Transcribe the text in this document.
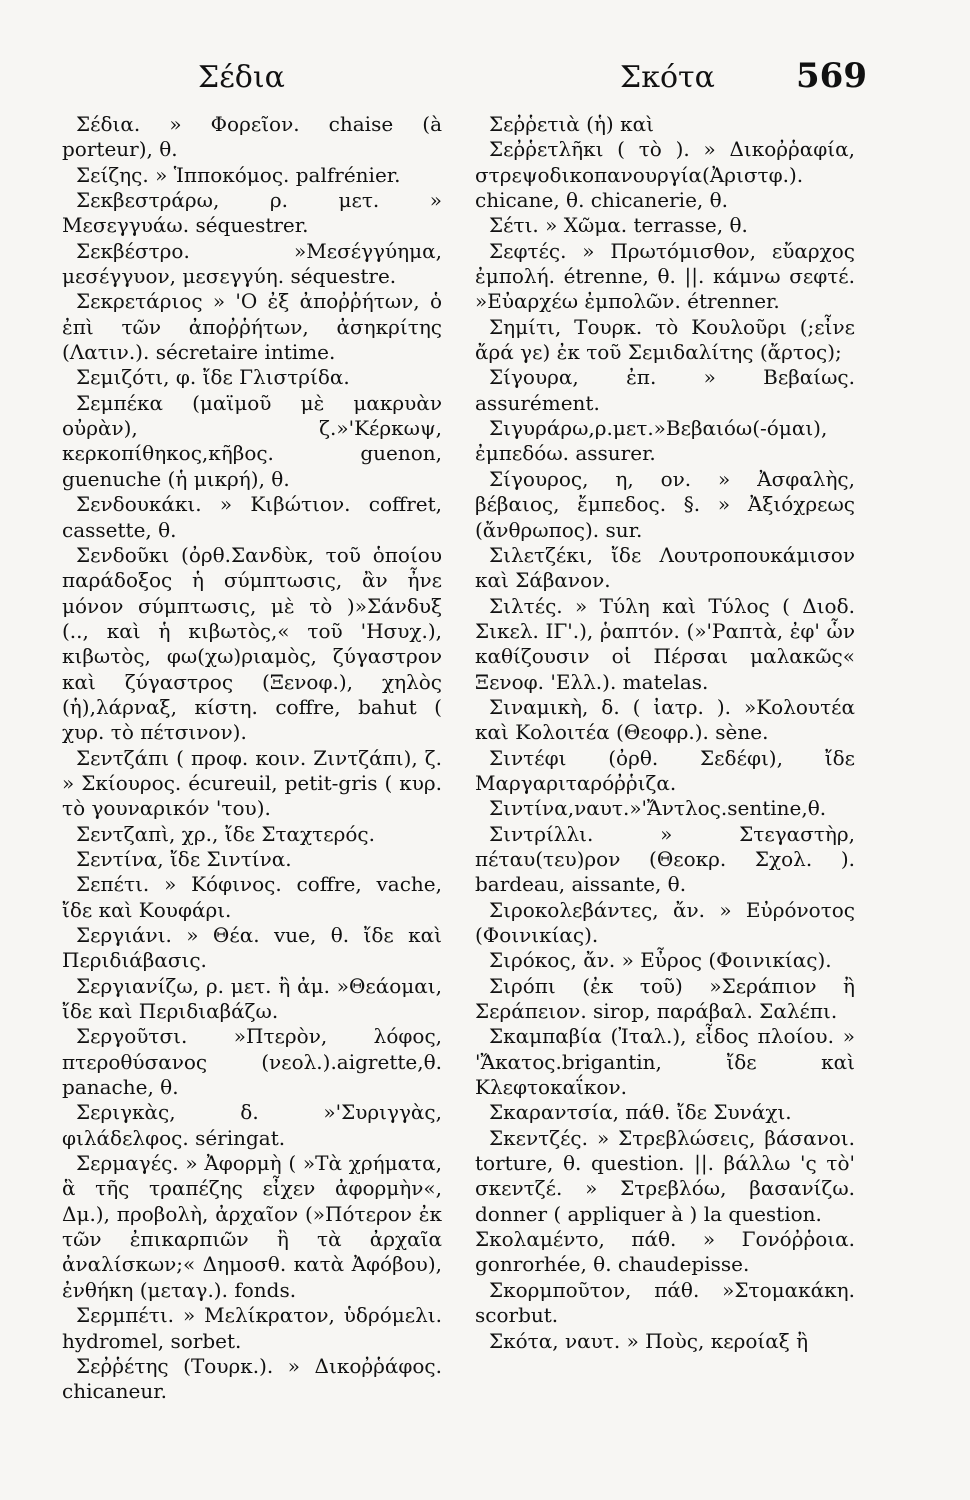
Σέδια	Σκότα 569

Σέδια. » Φορεῖον. chaise (à porteur), θ.

Σείζης. » Ἱπποκόμος. palfrénier.

Σεκβεστράρω, ρ. μετ. » Μεσεγγυάω. séquestrer.

Σεκβέστρο. »Μεσέγγύημα, μεσέγγυον, μεσεγγύη. séquestre.

Σεκρετάριος » 'Ο ἐξ ἀποῤῥήτων, ὁ ἐπὶ τῶν ἀποῤῥήτων, ἀσηκρίτης (Λατιν.). sécretaire intime.

Σεμιζότι, φ. ἴδε Γλιστρίδα.

Σεμπέκα (μαϊμοῦ μὲ μακρυὰν οὐρὰν), ζ.»'Κέρκωψ, κερκοπίθηκος,κῆβος. guenon, guenuche (ἡ μικρή), θ.

Σενδουκάκι. » Κιβώτιον. coffret, cassette, θ.

Σενδοῦκι (ὀρθ.Σανδὺκ, τοῦ ὁποίου παράδοξος ἡ σύμπτωσις, ἂν ἦνε μόνον σύμπτωσις, μὲ τὸ )»Σάνδυξ (.., καὶ ἡ κιβωτὸς,« τοῦ 'Ησυχ.), κιβωτὸς, φω(χω)ριαμὸς, ζύγαστρον καὶ ζύγαστρος (Ξενοφ.), χηλὸς (ἡ),λάρναξ, κίστη. coffre, bahut ( χυρ. τὸ πέτσινον).

Σεντζάπι ( προφ. κοιν. Ζιντζάπι), ζ. » Σκίουρος. écureuil, petit-gris ( κυρ. τὸ γουναρικόν 'του).

Σεντζαπὶ, χρ., ἴδε Σταχτερός.

Σεντίνα, ἴδε Σιντίνα.

Σεπέτι. » Κόφινος. coffre, vache, ἴδε καὶ Κουφάρι.

Σεργιάνι. » Θέα. vue, θ. ἴδε καὶ Περιδιάβασις.

Σεργιανίζω, ρ. μετ. ἢ ἀμ. »Θεάομαι, ἴδε καὶ Περιδιαβάζω.

Σεργοῦτσι. »Πτερὸν, λόφος, πτεροθύσανος (νεολ.).aigrette,θ. panache, θ.

Σεριγκὰς, δ. »'Συριγγὰς, φιλάδελφος. séringat.

Σερμαγές. » Ἀφορμὴ ( »Τὰ χρήματα, ἃ τῆς τραπέζης εἶχεν ἀφορμὴν«, Δμ.), προβολὴ, ἀρχαῖον (»Πότερον ἐκ τῶν ἐπικαρπιῶν ἢ τὰ ἀρχαῖα ἀναλίσκων;« Δημοσθ. κατὰ Ἀφόβου), ἐνθήκη (μεταγ.). fonds.

Σερμπέτι. » Μελίκρατον, ὑδρόμελι. hydromel, sorbet.

Σεῤῥέτης (Τουρκ.). » Δικοῤῥάφος. chicaneur.

Σεῤῥετιὰ (ἡ) καὶ

Σεῤῥετλῆκι ( τὸ ). » Δικοῤῥαφία, στρεψοδικοπανουργία(Ἀριστφ.). chicane, θ. chicanerie, θ.

Σέτι. » Χῶμα. terrasse, θ.

Σεφτές. » Πρωτόμισθον, εὔαρχος ἐμπολή. étrenne, θ. ||. κάμνω σεφτέ. »Εὐαρχέω ἐμπολῶν. étrenner.

Σημίτι, Τουρκ. τὸ Κουλοῦρι (;εἶνε ἄρά γε) ἐκ τοῦ Σεμιδαλίτης (ἄρτος);

Σίγουρα, ἐπ. » Βεβαίως. assurément.

Σιγυράρω,ρ.μετ.»Βεβαιόω(-όμαι), ἐμπεδόω. assurer.

Σίγουρος, η, ον. » Ἀσφαλὴς, βέβαιος, ἔμπεδος. §. » Ἀξιόχρεως (ἄνθρωπος). sur.

Σιλετζέκι, ἴδε Λουτροπουκάμισον καὶ Σάβανον.

Σιλτές. » Τύλη καὶ Τύλος ( Διοδ. Σικελ. ΙΓ'.), ῥαπτόν. (»'Ραπτὰ, ἐφ' ὧν καθίζουσιν οἱ Πέρσαι μαλακῶς« Ξενοφ. 'Ελλ.). matelas.

Σιναμικὴ, δ. ( ἰατρ. ). »Κολουτέα καὶ Κολοιτέα (Θεοφρ.). sène.

Σιντέφι (ὀρθ. Σεδέφι), ἴδε Μαργαριταρόῤῥιζα.

Σιντίνα,ναυτ.»'Ἄντλος.sentine,θ.

Σιντρίλλι. » Στεγαστὴρ, πέταυ(τευ)ρον (Θεοκρ. Σχολ. ). bardeau, aissante, θ.

Σιροκολεβάντες, ἄν. » Εὐρόνοτος (Φοινικίας).

Σιρόκος, ἄν. » Εὖρος (Φοινικίας).

Σιρόπι (ἐκ τοῦ) »Σεράπιον ἢ Σεράπειον. sirop, παράβαλ. Σαλέπι.

Σκαμπαβία (Ἰταλ.), εἶδος πλοίου. » 'Ἄκατος.brigantin, ἴδε καὶ Κλεφτοκαΐκον.

Σκαραντσία, πάθ. ἴδε Συνάχι.

Σκεντζές. » Στρεβλώσεις, βάσανοι. torture, θ. question. ||. βάλλω 'ς τὸ' σκεντζέ. » Στρεβλόω, βασανίζω. donner ( appliquer à ) la question.

Σκολαμέντο, πάθ. » Γονόῤῥοια. gonrorhée, θ. chaudepisse.

Σκορμποῦτον, πάθ. »Στομακάκη. scorbut.

Σκότα, ναυτ. » Ποὺς, κεροίαξ ἢ
